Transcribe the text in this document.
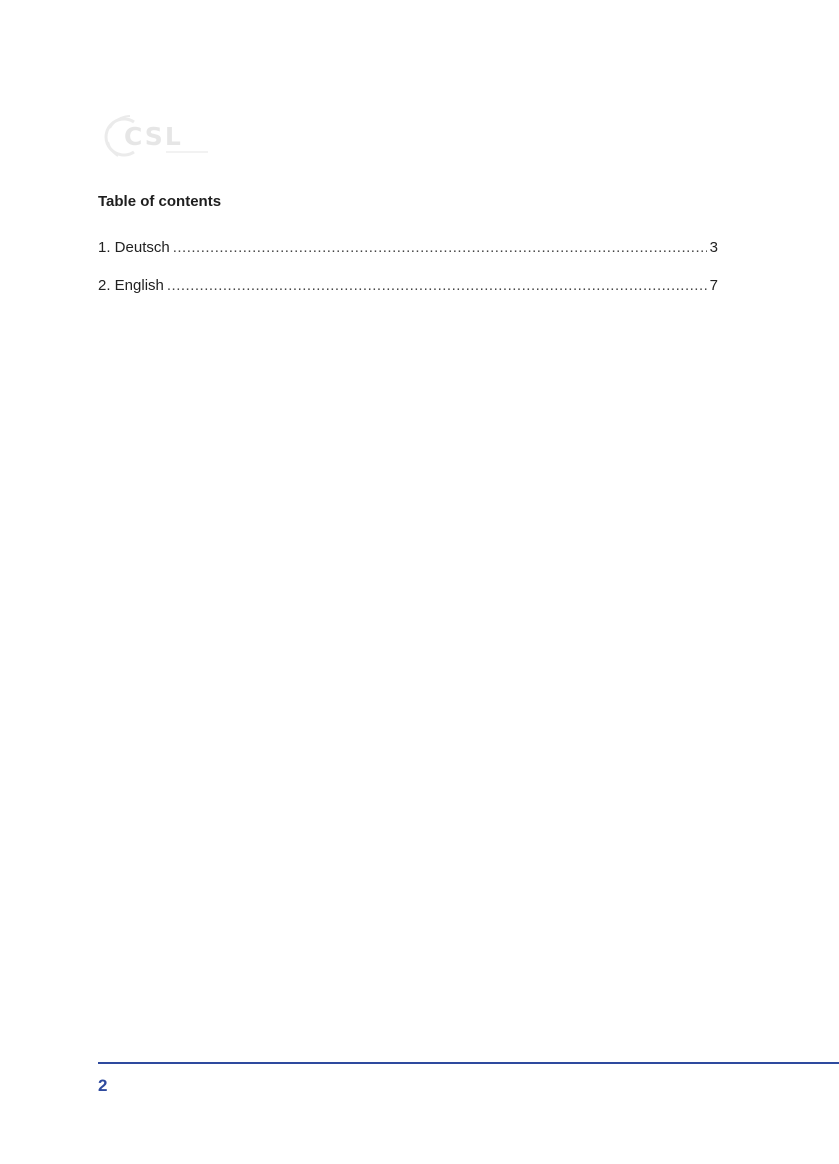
CSL
Table of contents
1. Deutsch .....	3
2. English .....	7
2
